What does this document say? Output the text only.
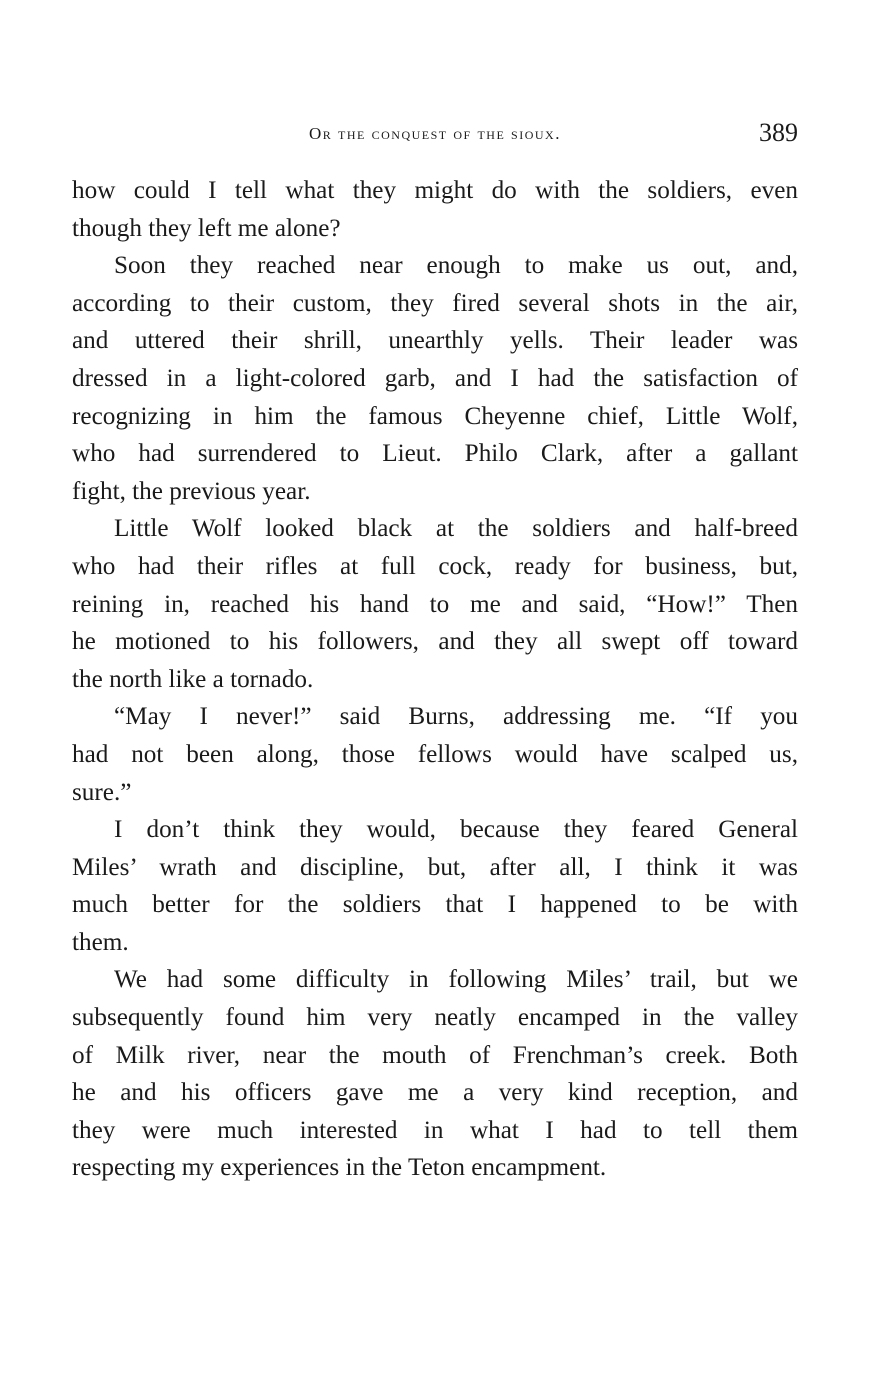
Or the conquest of the sioux.	389
how could I tell what they might do with the soldiers, even
though they left me alone?
Soon they reached near enough to make us out, and,
according to their custom, they fired several shots in the air,
and uttered their shrill, unearthly yells. Their leader was
dressed in a light-colored garb, and I had the satisfaction of
recognizing in him the famous Cheyenne chief, Little Wolf,
who had surrendered to Lieut. Philo Clark, after a gallant
fight, the previous year.
Little Wolf looked black at the soldiers and half-breed
who had their rifles at full cock, ready for business, but,
reining in, reached his hand to me and said, “How!” Then
he motioned to his followers, and they all swept off toward
the north like a tornado.
“May I never!” said Burns, addressing me. “If you
had not been along, those fellows would have scalped us,
sure.”
I don’t think they would, because they feared General
Miles’ wrath and discipline, but, after all, I think it was
much better for the soldiers that I happened to be with
them.
We had some difficulty in following Miles’ trail, but we
subsequently found him very neatly encamped in the valley
of Milk river, near the mouth of Frenchman’s creek. Both
he and his officers gave me a very kind reception, and
they were much interested in what I had to tell them
respecting my experiences in the Teton encampment.
